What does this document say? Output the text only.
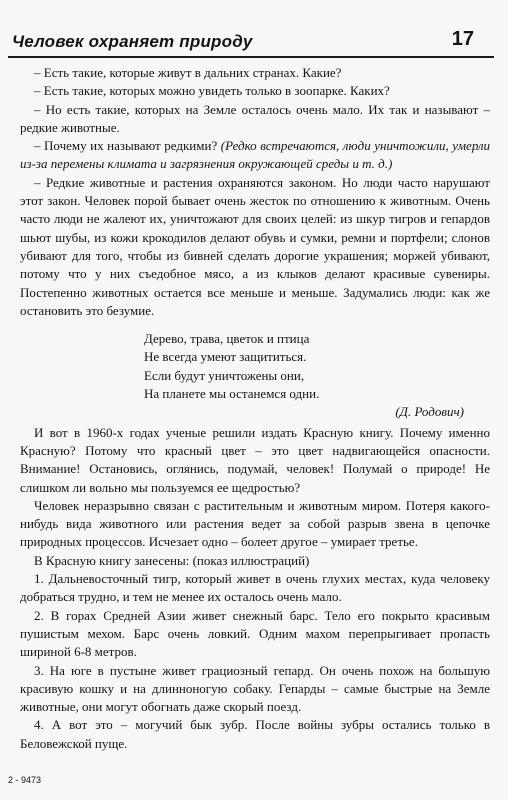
Человек охраняет природу	17

– Есть такие, которые живут в дальних странах. Какие?

– Есть такие, которых можно увидеть только в зоопарке. Каких?

– Но есть такие, которых на Земле осталось очень мало. Их так и называют – редкие животные.

– Почему их называют редкими? (Редко встречаются, люди уничтожили, умерли из-за перемены климата и загрязнения окружающей среды и т. д.)

– Редкие животные и растения охраняются законом. Но люди часто нарушают этот закон. Человек порой бывает очень жесток по отношению к животным. Очень часто люди не жалеют их, уничтожают для своих целей: из шкур тигров и гепардов шьют шубы, из кожи крокодилов делают обувь и сумки, ремни и портфели; слонов убивают для того, чтобы из бивней сделать дорогие украшения; моржей убивают, потому что у них съедобное мясо, а из клыков делают красивые сувениры. Постепенно животных остается все меньше и меньше. Задумались люди: как же остановить это безумие.

Дерево, трава, цветок и птица
Не всегда умеют защититься.
Если будут уничтожены они,
На планете мы останемся одни.

(Д. Родович)

И вот в 1960-х годах ученые решили издать Красную книгу. Почему именно Красную? Потому что красный цвет – это цвет надвигающейся опасности. Внимание! Остановись, оглянись, подумай, человек! Полумай о природе! Не слишком ли вольно мы пользуемся ее щедростью?

Человек неразрывно связан с растительным и животным миром. Потеря какого-нибудь вида животного или растения ведет за собой разрыв звена в цепочке природных процессов. Исчезает одно – болеет другое – умирает третье.

В Красную книгу занесены: (показ иллюстраций)

1. Дальневосточный тигр, который живет в очень глухих местах, куда человеку добраться трудно, и тем не менее их осталось очень мало.

2. В горах Средней Азии живет снежный барс. Тело его покрыто красивым пушистым мехом. Барс очень ловкий. Одним махом перепрыгивает пропасть шириной 6-8 метров.

3. На юге в пустыне живет грациозный гепард. Он очень похож на большую красивую кошку и на длинноногую собаку. Гепарды – самые быстрые на Земле животные, они могут обогнать даже скорый поезд.

4. А вот это – могучий бык зубр. После войны зубры остались только в Беловежской пуще.

2 - 9473
